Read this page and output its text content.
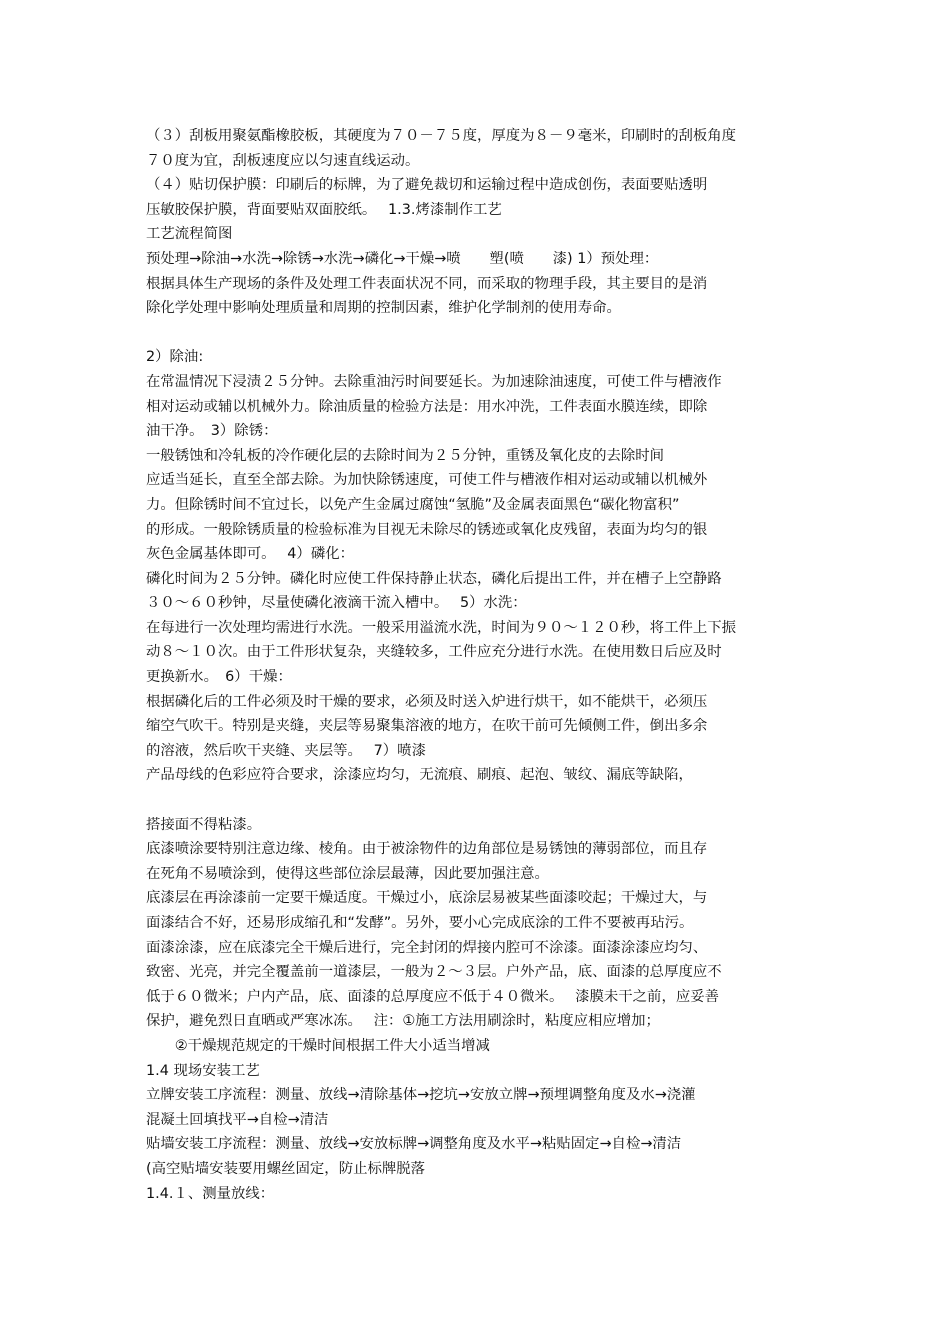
（３）刮板用聚氨酯橡胶板，其硬度为７０－７５度，厚度为８－９毫米，印刷时的刮板角度
７０度为宜，刮板速度应以匀速直线运动。
（４）贴切保护膜：印刷后的标牌，为了避免裁切和运输过程中造成创伤，表面要贴透明
压敏胶保护膜，背面要贴双面胶纸。　 1.3.烤漆制作工艺
工艺流程简图
预处理→除油→水洗→除锈→水洗→磷化→干燥→喷　　塑(喷　　漆) 1）预处理：
根据具体生产现场的条件及处理工件表面状况不同，而采取的物理手段，其主要目的是消
除化学处理中影响处理质量和周期的控制因素，维护化学制剂的使用寿命。
2）除油:
在常温情况下浸渍２５分钟。去除重油污时间要延长。为加速除油速度，可使工件与槽液作
相对运动或辅以机械外力。除油质量的检验方法是：用水冲洗，工件表面水膜连续，即除
油干净。　3）除锈：
一般锈蚀和冷轧板的冷作硬化层的去除时间为２５分钟，重锈及氧化皮的去除时间
应适当延长，直至全部去除。为加快除锈速度，可使工件与槽液作相对运动或辅以机械外
力。但除锈时间不宜过长，以免产生金属过腐蚀“氢脆”及金属表面黑色“碳化物富积”
的形成。一般除锈质量的检验标准为目视无未除尽的锈迹或氧化皮残留，表面为均匀的银
灰色金属基体即可。　 4）磷化：
磷化时间为２５分钟。磷化时应使工件保持静止状态，磷化后提出工件，并在槽子上空静路
３０～６０秒钟，尽量使磷化液滴干流入槽中。　 5）水洗：
在每进行一次处理均需进行水洗。一般采用溢流水洗，时间为９０～１２０秒，将工件上下振
动８～１０次。由于工件形状复杂，夹缝较多，工件应充分进行水洗。在使用数日后应及时
更换新水。　6）干燥：
根据磷化后的工件必须及时干燥的要求，必须及时送入炉进行烘干，如不能烘干，必须压
缩空气吹干。特别是夹缝，夹层等易聚集溶液的地方，在吹干前可先倾侧工件，倒出多余
的溶液，然后吹干夹缝、夹层等。　 7）喷漆
产品母线的色彩应符合要求，涂漆应均匀，无流痕、刷痕、起泡、皱纹、漏底等缺陷，
搭接面不得粘漆。
底漆喷涂要特别注意边缘、棱角。由于被涂物件的边角部位是易锈蚀的薄弱部位，而且存
在死角不易喷涂到，使得这些部位涂层最薄，因此要加强注意。
底漆层在再涂漆前一定要干燥适度。干燥过小，底涂层易被某些面漆咬起；干燥过大，与
面漆结合不好，还易形成缩孔和“发酵”。另外，要小心完成底涂的工件不要被再玷污。
面漆涂漆，应在底漆完全干燥后进行，完全封闭的焊接内腔可不涂漆。面漆涂漆应均匀、
致密、光亮，并完全覆盖前一道漆层，一般为２～３层。户外产品，底、面漆的总厚度应不
低于６０微米；户内产品，底、面漆的总厚度应不低于４０微米。　 漆膜未干之前，应妥善
保护，避免烈日直晒或严寒冰冻。　 注：①施工方法用刷涂时，粘度应相应增加；
　　②干燥规范规定的干燥时间根据工件大小适当增减
1.4 现场安装工艺
立牌安装工序流程：测量、放线→清除基体→挖坑→安放立牌→预埋调整角度及水→浇灌
混凝土回填找平→自检→清洁
贴墙安装工序流程：测量、放线→安放标牌→调整角度及水平→粘贴固定→自检→清洁
(高空贴墙安装要用螺丝固定，防止标牌脱落
1.4.１、测量放线：
